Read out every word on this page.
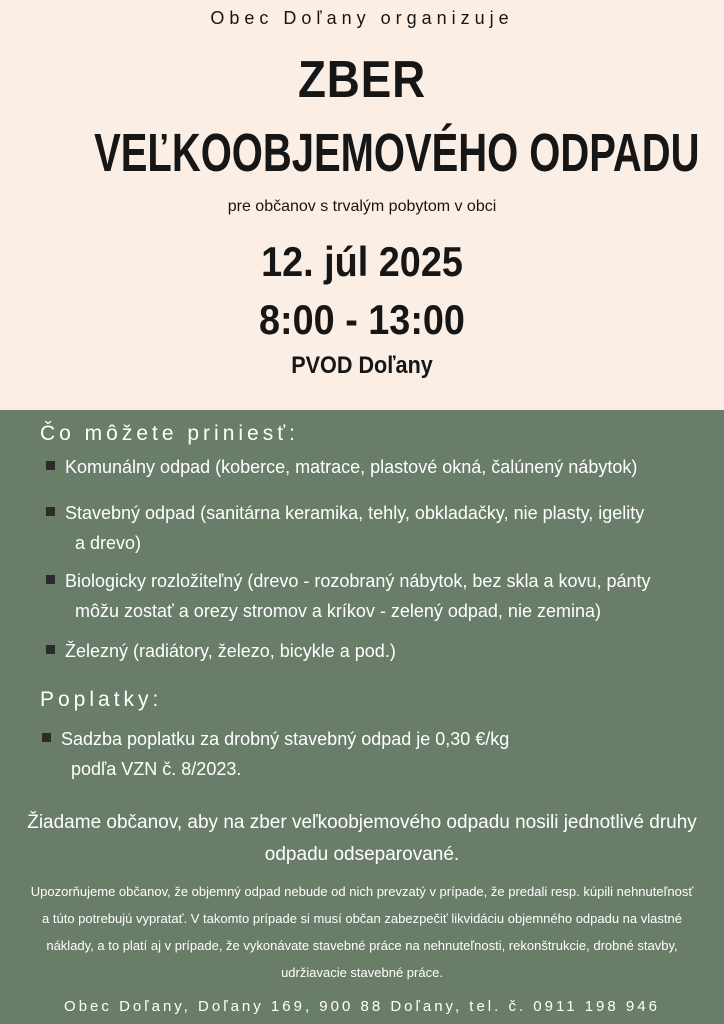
Obec Doľany organizuje
ZBER
VEĽKOOBJEMOVÉHO ODPADU
pre občanov s trvalým pobytom v obci
12. júl 2025
8:00 - 13:00
PVOD Doľany
Čo môžete priniesť:
Komunálny odpad (koberce, matrace, plastové okná, čalúnený nábytok)
Stavebný odpad (sanitárna keramika, tehly, obkladačky, nie plasty, igelity
a drevo)
Biologicky rozložiteľný (drevo - rozobraný nábytok, bez skla a kovu, pánty
môžu zostať a orezy stromov a kríkov - zelený odpad, nie zemina)
Železný (radiátory, železo, bicykle a pod.)
Poplatky:
Sadzba poplatku za drobný stavebný odpad je 0,30 €/kg
podľa VZN č. 8/2023.
Žiadame občanov, aby na zber veľkoobjemového odpadu nosili jednotlivé druhy odpadu odseparované.
Upozorňujeme občanov, že objemný odpad nebude od nich prevzatý v prípade, že predali resp. kúpili nehnuteľnosť a túto potrebujú vypratať. V takomto prípade si musí občan zabezpečiť likvidáciu objemného odpadu na vlastné náklady, a to platí aj v prípade, že vykonávate stavebné práce na nehnuteľnosti, rekonštrukcie, drobné stavby, udržiavacie stavebné práce.
Obec Doľany, Doľany 169, 900 88 Doľany, tel. č. 0911 198 946
